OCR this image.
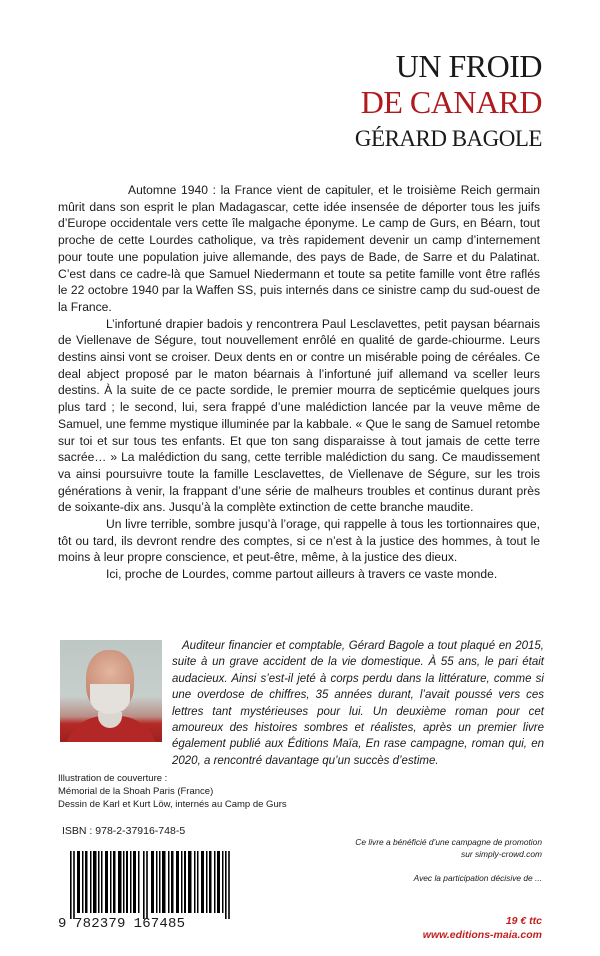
UN FROID
DE CANARD
GÉRARD BAGOLE

Automne 1940 : la France vient de capituler, et le troisième Reich germain mûrit dans son esprit le plan Madagascar, cette idée insensée de déporter tous les juifs d’Europe occidentale vers cette île malgache éponyme. Le camp de Gurs, en Béarn, tout proche de cette Lourdes catholique, va très rapidement devenir un camp d’internement pour toute une population juive allemande, des pays de Bade, de Sarre et du Palatinat. C’est dans ce cadre-là que Samuel Niedermann et toute sa petite famille vont être raflés le 22 octobre 1940 par la Waffen SS, puis internés dans ce sinistre camp du sud-ouest de la France.

L’infortuné drapier badois y rencontrera Paul Lesclavettes, petit paysan béarnais de Viellenave de Ségure, tout nouvellement enrôlé en qualité de garde-chiourme. Leurs destins ainsi vont se croiser. Deux dents en or contre un misérable poing de céréales. Ce deal abject proposé par le maton béarnais à l’infortuné juif allemand va sceller leurs destins. À la suite de ce pacte sordide, le premier mourra de septicémie quelques jours plus tard ; le second, lui, sera frappé d’une malédiction lancée par la veuve même de Samuel, une femme mystique illuminée par la kabbale. « Que le sang de Samuel retombe sur toi et sur tous tes enfants. Et que ton sang disparaisse à tout jamais de cette terre sacrée… » La malédiction du sang, cette terrible malédiction du sang. Ce maudissement va ainsi poursuivre toute la famille Lesclavettes, de Viellenave de Ségure, sur les trois générations à venir, la frappant d’une série de malheurs troubles et continus durant près de soixante-dix ans. Jusqu’à la complète extinction de cette branche maudite.

Un livre terrible, sombre jusqu’à l’orage, qui rappelle à tous les tortionnaires que, tôt ou tard, ils devront rendre des comptes, si ce n’est à la justice des hommes, à tout le moins à leur propre conscience, et peut-être, même, à la justice des dieux.

Ici, proche de Lourdes, comme partout ailleurs à travers ce vaste monde.

Auditeur financier et comptable, Gérard Bagole a tout plaqué en 2015, suite à un grave accident de la vie domestique. À 55 ans, le pari était audacieux. Ainsi s’est-il jeté à corps perdu dans la littérature, comme si une overdose de chiffres, 35 années durant, l’avait poussé vers ces lettres tant mystérieuses pour lui. Un deuxième roman pour cet amoureux des histoires sombres et réalistes, après un premier livre également publié aux Éditions Maïa, En rase campagne, roman qui, en 2020, a rencontré davantage qu’un succès d’estime.

Illustration de couverture :
Mémorial de la Shoah Paris (France)
Dessin de Karl et Kurt Löw, internés au Camp de Gurs
ISBN : 978-2-37916-748-5
9 782379 167485
Ce livre a bénéficié d’une campagne de promotion
sur simply-crowd.com
Avec la participation décisive de ...
19 € ttc
www.editions-maia.com
